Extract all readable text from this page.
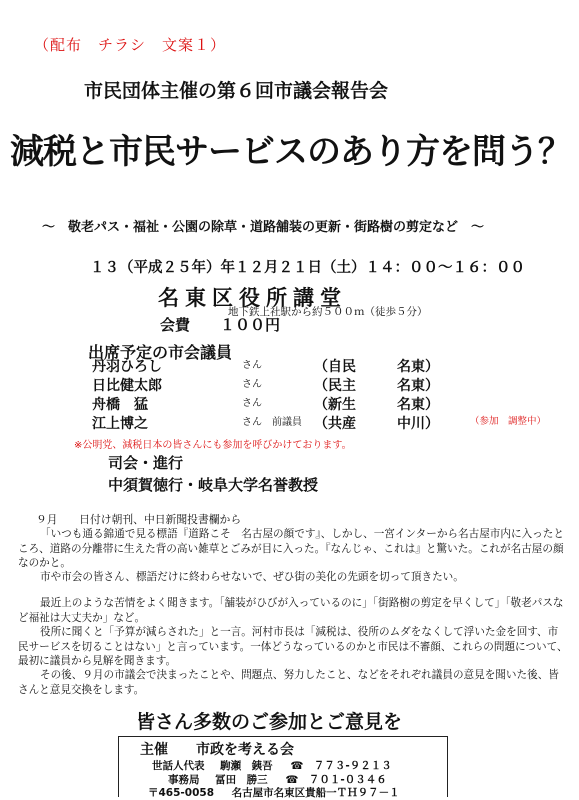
（配布　チラシ　文案１）
市民団体主催の第６回市議会報告会
減税と市民サービスのあり方を問う？
～　敬老パス・福祉・公園の除草・道路舗装の更新・街路樹の剪定など　～
１３（平成２５年）年１２月２１日（土）１４：００～１６：００
名東区役所講堂
地下鉄上社駅から約５００ｍ（徒歩５分）
会費　　１００円
出席予定の市会議員
丹羽ひろし	さん	（自民	名東）
日比健太郎	さん	（民主	名東）
舟橋　猛	さん	（新生	名東）
江上博之	さん　前議員 （共産	中川）	（参加　調整中）
※公明党、減税日本の皆さんにも参加を呼びかけております。
司会・進行
中須賀徳行・岐阜大学名誉教授
９月　　日付け朝刊、中日新聞投書欄から
「いつも通る錦通で見る標語『道路こそ　名古屋の顔です』、しかし、一宮インターから名古屋市内に入ったところ、道路の分離帯に生えた背の高い雑草とごみが目に入った。『なんじゃ、これは』と驚いた。これが名古屋の顔なのかと。
市や市会の皆さん、標語だけに終わらせないで、ぜひ街の美化の先頭を切って頂きたい。
最近上のような苦情をよく聞きます。「舗装がひびが入っているのに」「街路樹の剪定を早くして」「敬老パスなど福祉は大丈夫か」など。
役所に聞くと「予算が減らされた」と一言。河村市長は「減税は、役所のムダをなくして浮いた金を回す、市民サービスを切ることはない」と言っています。一体どうなっているのかと市民は不審顔、これらの問題について、最初に議員から見解を聞きます。
その後、９月の市議会で決まったことや、問題点、努力したこと、などをそれぞれ議員の意見を聞いた後、皆さんと意見交換をします。
皆さん多数のご参加とご意見を
主催　　市政を考える会
世話人代表 駒瀬　銕吾 ☎　７７３-９２１３
事務局 冨田　勝三 ☎　７０１-０３４６
〒465-0058 名古屋市名東区貴船一ＴＨ９７－１
